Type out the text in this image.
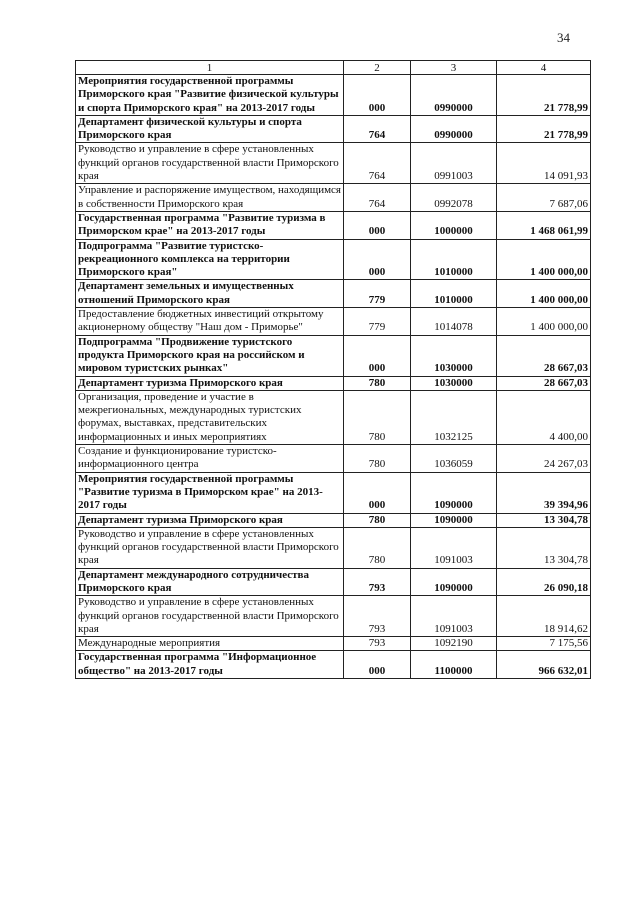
34
1	2	3	4
Мероприятия государственной программы Приморского края "Развитие физической культуры и спорта Приморского края" на 2013-2017 годы	000	0990000	21 778,99
Департамент физической культуры и спорта Приморского края	764	0990000	21 778,99
Руководство и управление в сфере установленных функций органов государственной власти Приморского края	764	0991003	14 091,93
Управление и распоряжение имуществом, находящимся в собственности Приморского края	764	0992078	7 687,06
Государственная программа "Развитие туризма в Приморском крае" на 2013-2017 годы	000	1000000	1 468 061,99
Подпрограмма "Развитие туристско-рекреационного комплекса на территории Приморского края"	000	1010000	1 400 000,00
Департамент земельных и имущественных отношений Приморского края	779	1010000	1 400 000,00
Предоставление бюджетных инвестиций открытому акционерному обществу "Наш дом - Приморье"	779	1014078	1 400 000,00
Подпрограмма "Продвижение туристского продукта Приморского края на российском и мировом туристских рынках"	000	1030000	28 667,03
Департамент туризма Приморского края	780	1030000	28 667,03
Организация, проведение и участие в межрегиональных, международных туристских форумах, выставках, представительских информационных и иных мероприятиях	780	1032125	4 400,00
Создание и функционирование туристско-информационного центра	780	1036059	24 267,03
Мероприятия государственной программы "Развитие туризма в Приморском крае" на 2013-2017 годы	000	1090000	39 394,96
Департамент туризма Приморского края	780	1090000	13 304,78
Руководство и управление в сфере установленных функций органов государственной власти Приморского края	780	1091003	13 304,78
Департамент международного сотрудничества Приморского края	793	1090000	26 090,18
Руководство и управление в сфере установленных функций органов государственной власти Приморского края	793	1091003	18 914,62
Международные мероприятия	793	1092190	7 175,56
Государственная программа "Информационное общество" на 2013-2017 годы	000	1100000	966 632,01
